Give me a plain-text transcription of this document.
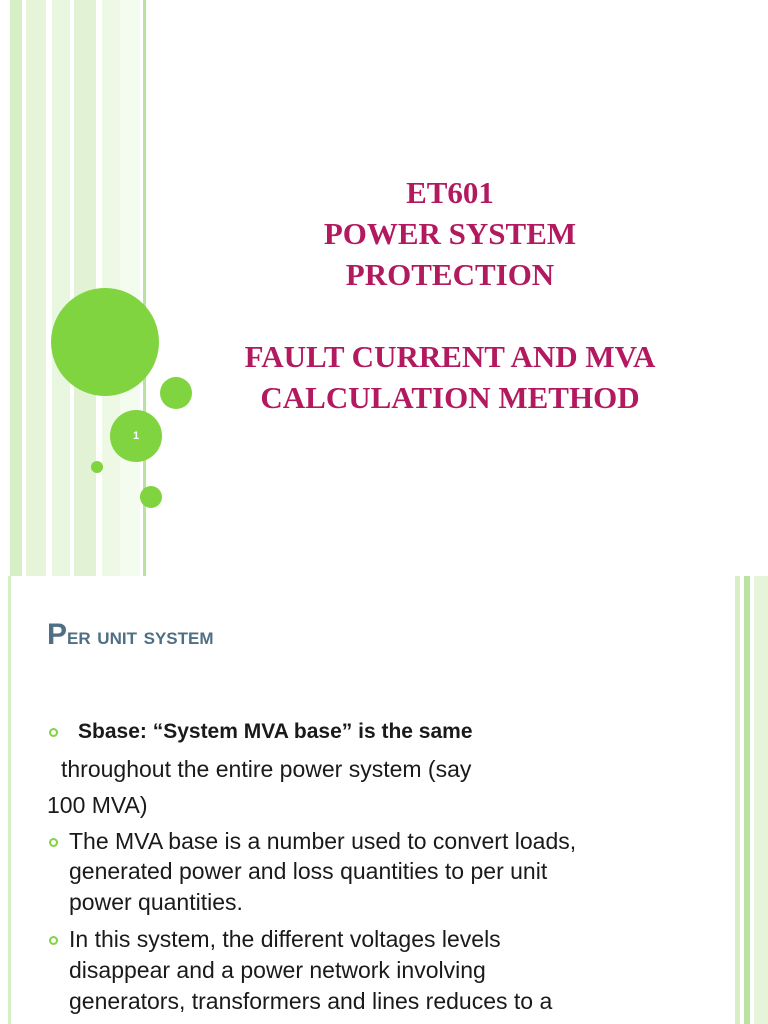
1
ET601
POWER SYSTEM
PROTECTION
FAULT CURRENT AND MVA
CALCULATION METHOD
Per unit system
Sbase: “System MVA base” is the same
throughout the entire power system (say
100 MVA)
The MVA base is a number used to convert loads,
generated power and loss quantities to per unit
power quantities.
In this system, the different voltages levels
disappear and a power network involving
generators, transformers and lines reduces to a
